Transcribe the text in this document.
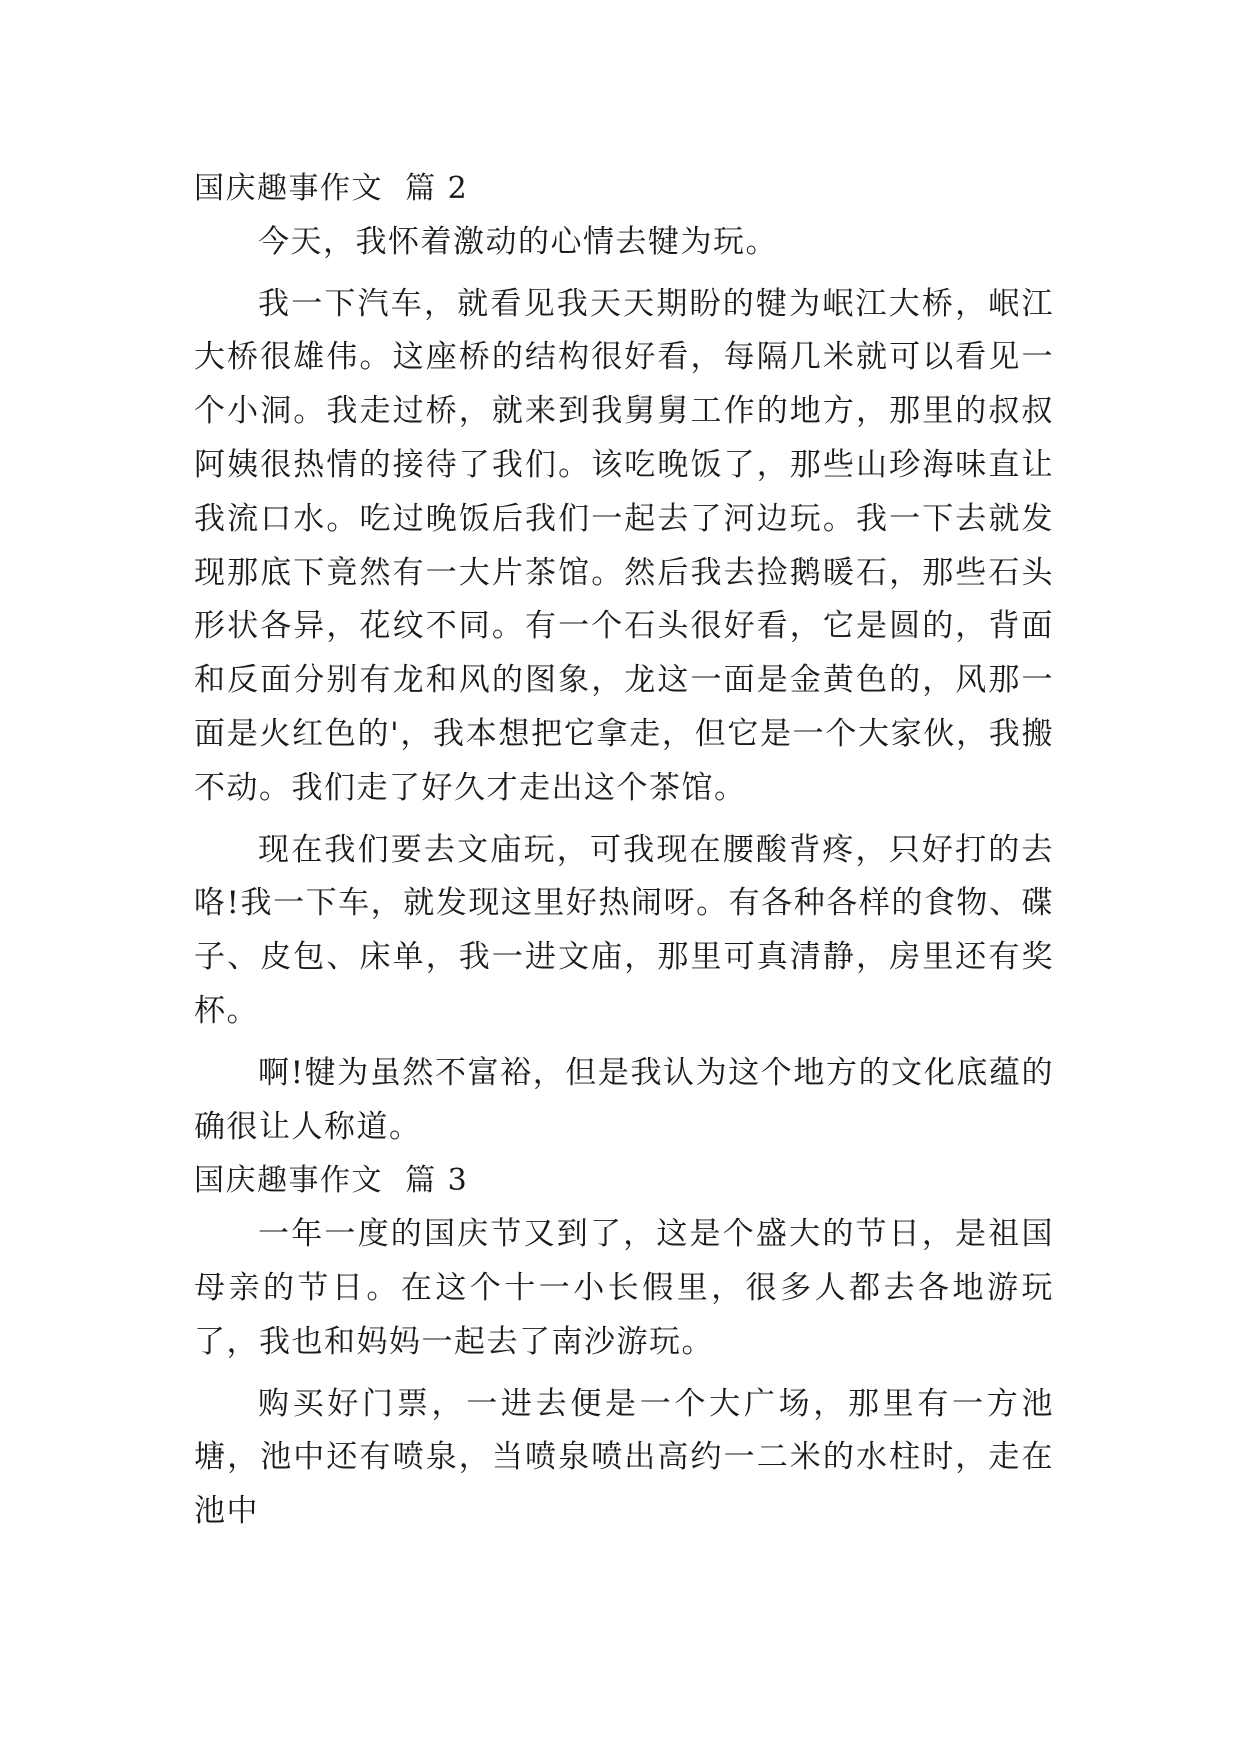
国庆趣事作文  篇 2

今天，我怀着激动的心情去犍为玩。

我一下汽车，就看见我天天期盼的犍为岷江大桥，岷江大桥很雄伟。这座桥的结构很好看，每隔几米就可以看见一个小洞。我走过桥，就来到我舅舅工作的地方，那里的叔叔阿姨很热情的接待了我们。该吃晚饭了，那些山珍海味直让我流口水。吃过晚饭后我们一起去了河边玩。我一下去就发现那底下竟然有一大片茶馆。然后我去捡鹅暖石，那些石头形状各异，花纹不同。有一个石头很好看，它是圆的，背面和反面分别有龙和风的图象，龙这一面是金黄色的，风那一面是火红色的'，我本想把它拿走，但它是一个大家伙，我搬不动。我们走了好久才走出这个茶馆。

现在我们要去文庙玩，可我现在腰酸背疼，只好打的去咯!我一下车，就发现这里好热闹呀。有各种各样的食物、碟子、皮包、床单，我一进文庙，那里可真清静，房里还有奖杯。

啊!犍为虽然不富裕，但是我认为这个地方的文化底蕴的确很让人称道。

国庆趣事作文  篇 3

一年一度的国庆节又到了，这是个盛大的节日，是祖国母亲的节日。在这个十一小长假里，很多人都去各地游玩了，我也和妈妈一起去了南沙游玩。

购买好门票，一进去便是一个大广场，那里有一方池塘，池中还有喷泉，当喷泉喷出高约一二米的水柱时，走在池中
